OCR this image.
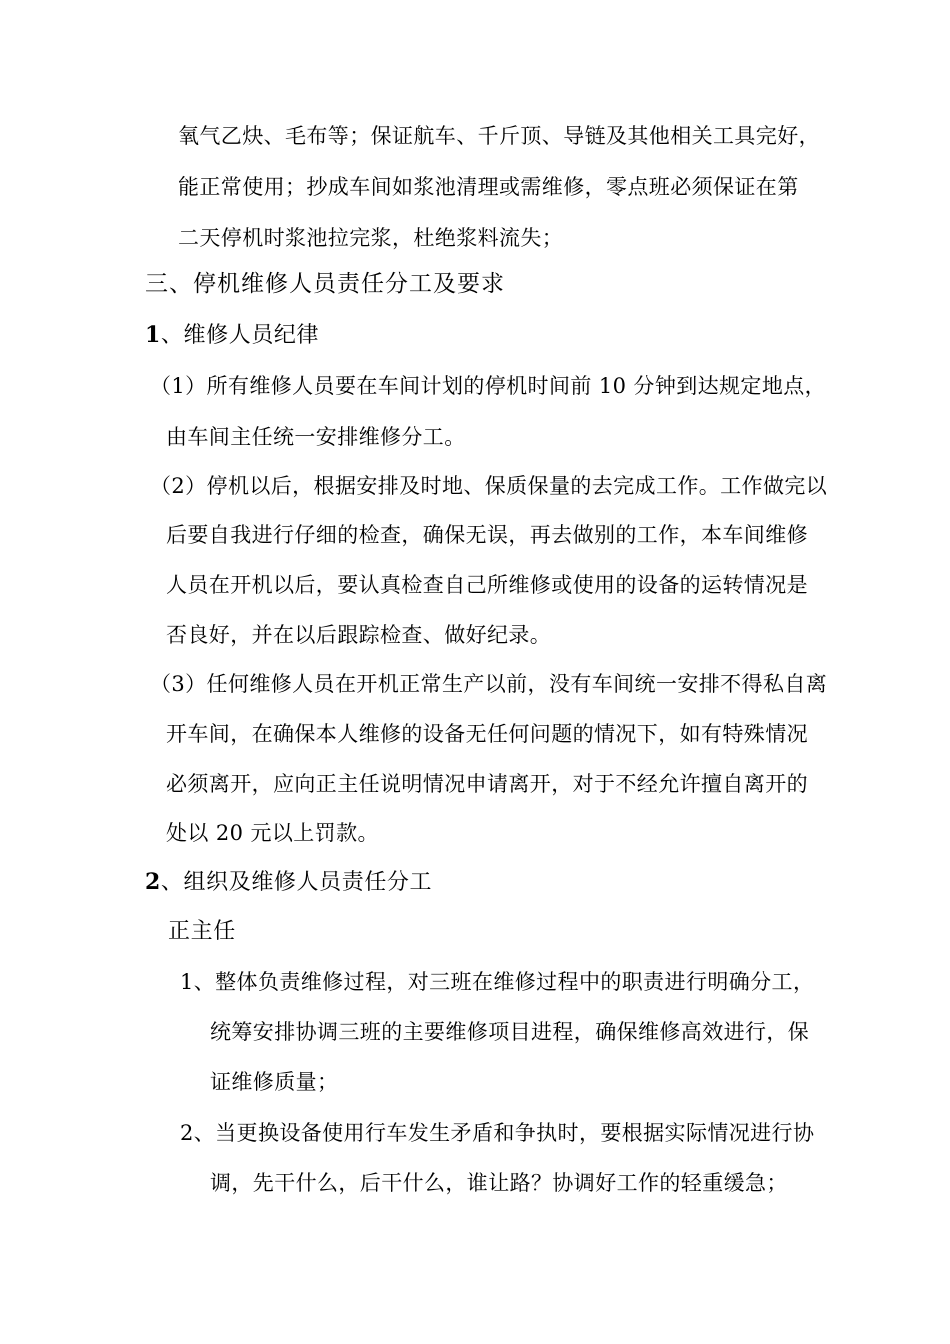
氧气乙炔、毛布等；保证航车、千斤顶、导链及其他相关工具完好，
能正常使用；抄成车间如浆池清理或需维修，零点班必须保证在第
二天停机时浆池拉完浆，杜绝浆料流失；
三、停机维修人员责任分工及要求
1、维修人员纪律
（1）所有维修人员要在车间计划的停机时间前 10 分钟到达规定地点，
由车间主任统一安排维修分工。
（2）停机以后，根据安排及时地、保质保量的去完成工作。工作做完以
后要自我进行仔细的检查，确保无误，再去做别的工作，本车间维修
人员在开机以后，要认真检查自己所维修或使用的设备的运转情况是
否良好，并在以后跟踪检查、做好纪录。
（3）任何维修人员在开机正常生产以前，没有车间统一安排不得私自离
开车间，在确保本人维修的设备无任何问题的情况下，如有特殊情况
必须离开，应向正主任说明情况申请离开，对于不经允许擅自离开的
处以 20 元以上罚款。
2、组织及维修人员责任分工
正主任
1、整体负责维修过程，对三班在维修过程中的职责进行明确分工，
统筹安排协调三班的主要维修项目进程，确保维修高效进行，保
证维修质量；
2、当更换设备使用行车发生矛盾和争执时，要根据实际情况进行协
调，先干什么，后干什么，谁让路？协调好工作的轻重缓急；
